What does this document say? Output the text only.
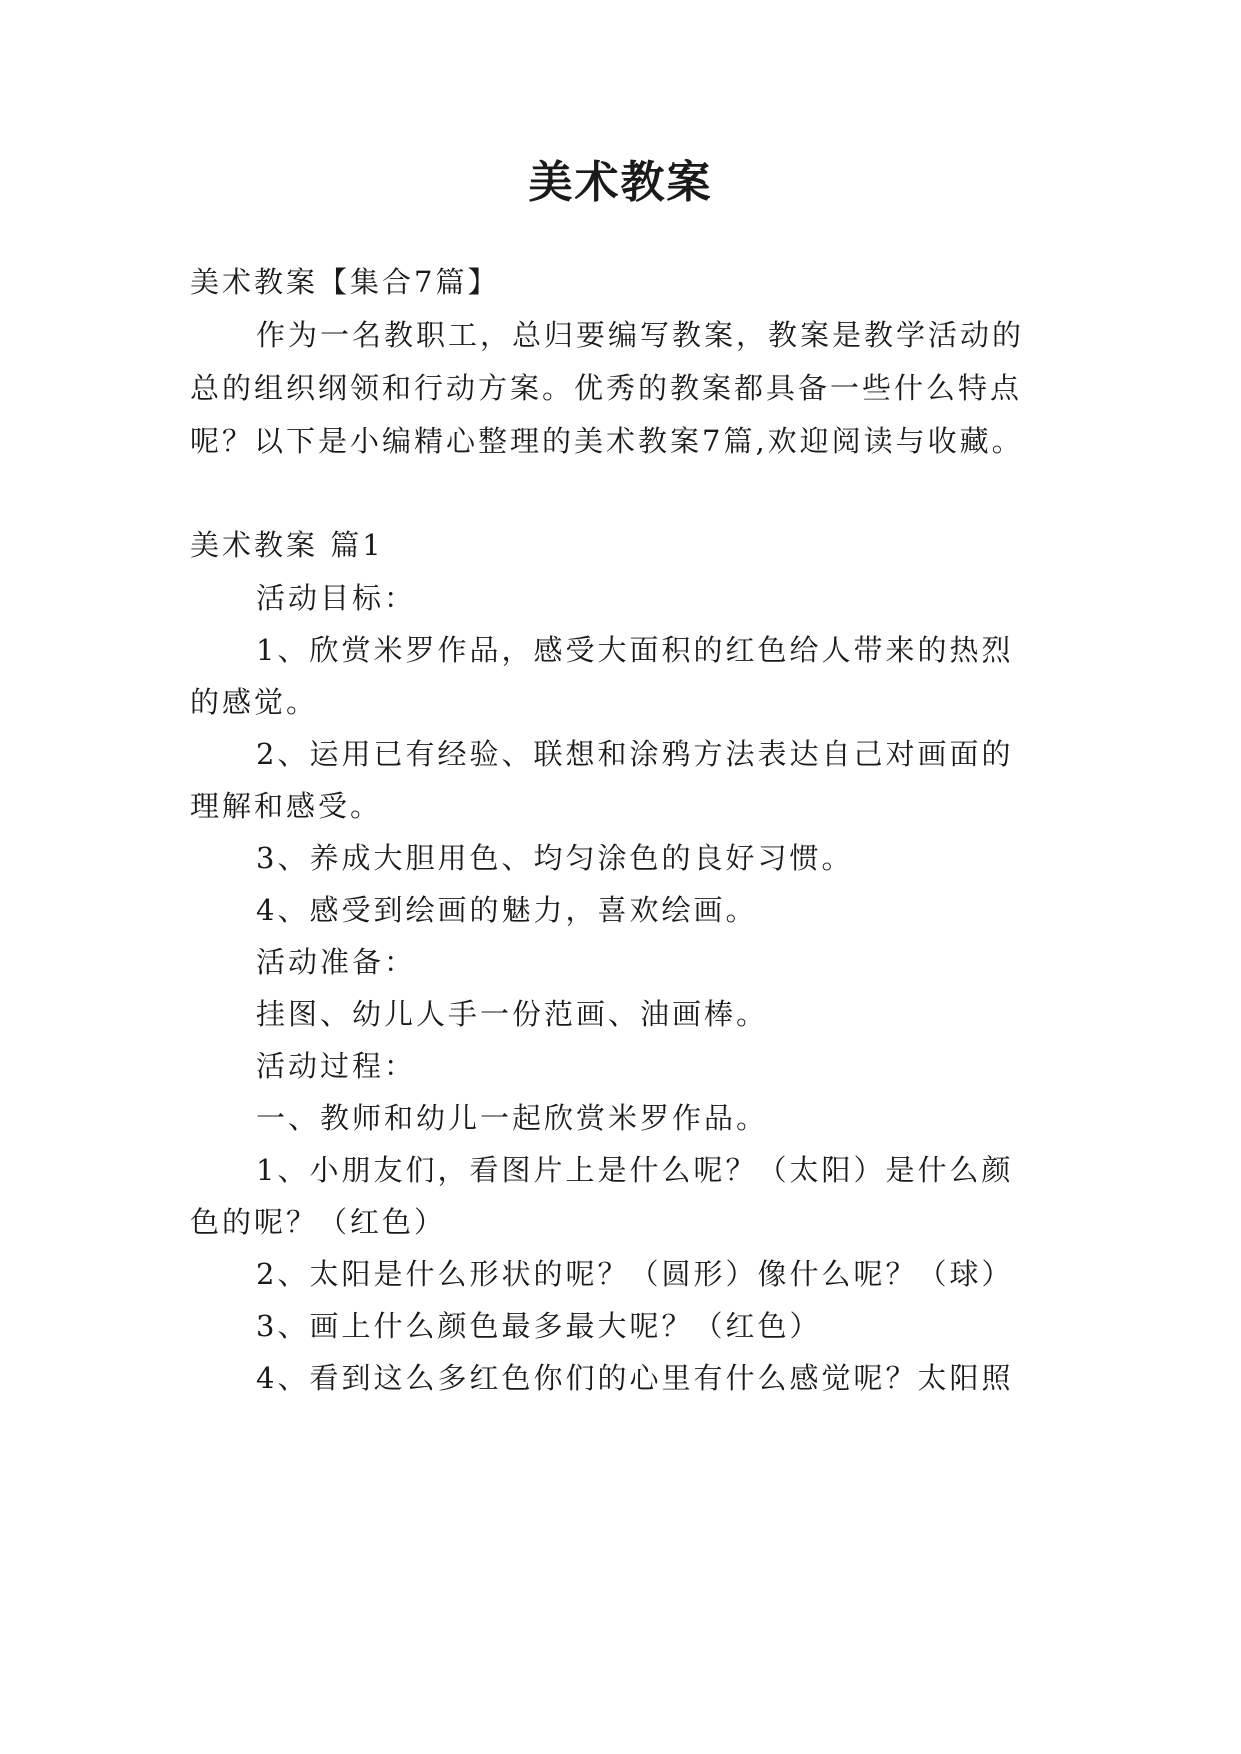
美术教案

美术教案【集合7篇】

作为一名教职工，总归要编写教案，教案是教学活动的

总的组织纲领和行动方案。优秀的教案都具备一些什么特点

呢？以下是小编精心整理的美术教案7篇,欢迎阅读与收藏。

美术教案 篇1

活动目标：

1、欣赏米罗作品，感受大面积的红色给人带来的热烈

的感觉。

2、运用已有经验、联想和涂鸦方法表达自己对画面的

理解和感受。

3、养成大胆用色、均匀涂色的良好习惯。

4、感受到绘画的魅力，喜欢绘画。

活动准备：

挂图、幼儿人手一份范画、油画棒。

活动过程：

一、教师和幼儿一起欣赏米罗作品。

1、小朋友们，看图片上是什么呢？（太阳）是什么颜

色的呢？（红色）

2、太阳是什么形状的呢？（圆形）像什么呢？（球）

3、画上什么颜色最多最大呢？（红色）

4、看到这么多红色你们的心里有什么感觉呢？太阳照
